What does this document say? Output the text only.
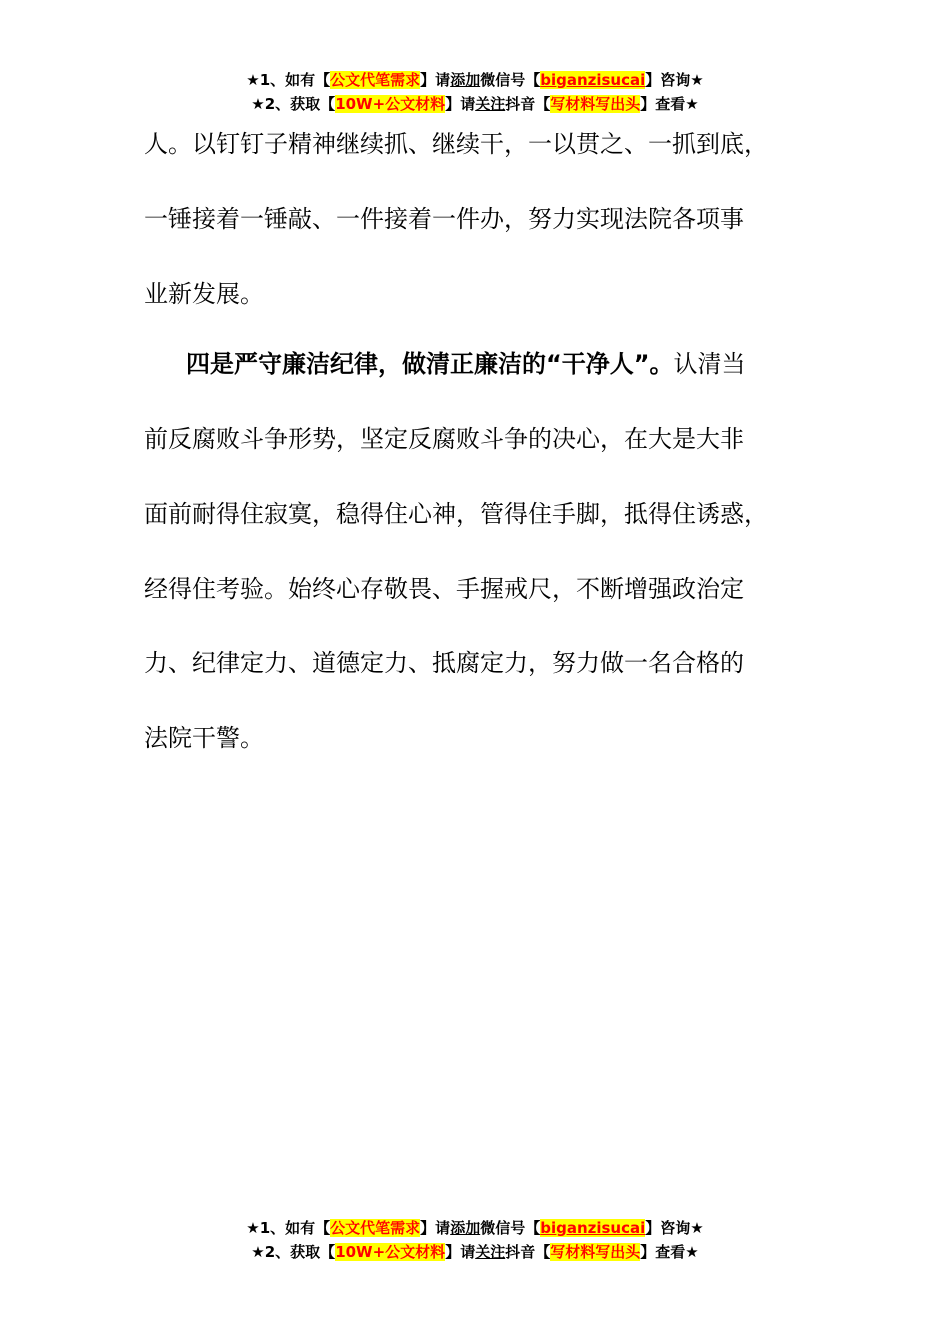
★1、如有【公文代笔需求】请添加微信号【biganzisucai】咨询★
★2、获取【10W+公文材料】请关注抖音【写材料写出头】查看★
人。以钉钉子精神继续抓、继续干，一以贯之、一抓到底，
一锤接着一锤敲、一件接着一件办，努力实现法院各项事
业新发展。
四是严守廉洁纪律，做清正廉洁的“干净人”。认清当
前反腐败斗争形势，坚定反腐败斗争的决心，在大是大非
面前耐得住寂寞，稳得住心神，管得住手脚，抵得住诱惑，
经得住考验。始终心存敬畏、手握戒尺，不断增强政治定
力、纪律定力、道德定力、抵腐定力，努力做一名合格的
法院干警。
★1、如有【公文代笔需求】请添加微信号【biganzisucai】咨询★
★2、获取【10W+公文材料】请关注抖音【写材料写出头】查看★
